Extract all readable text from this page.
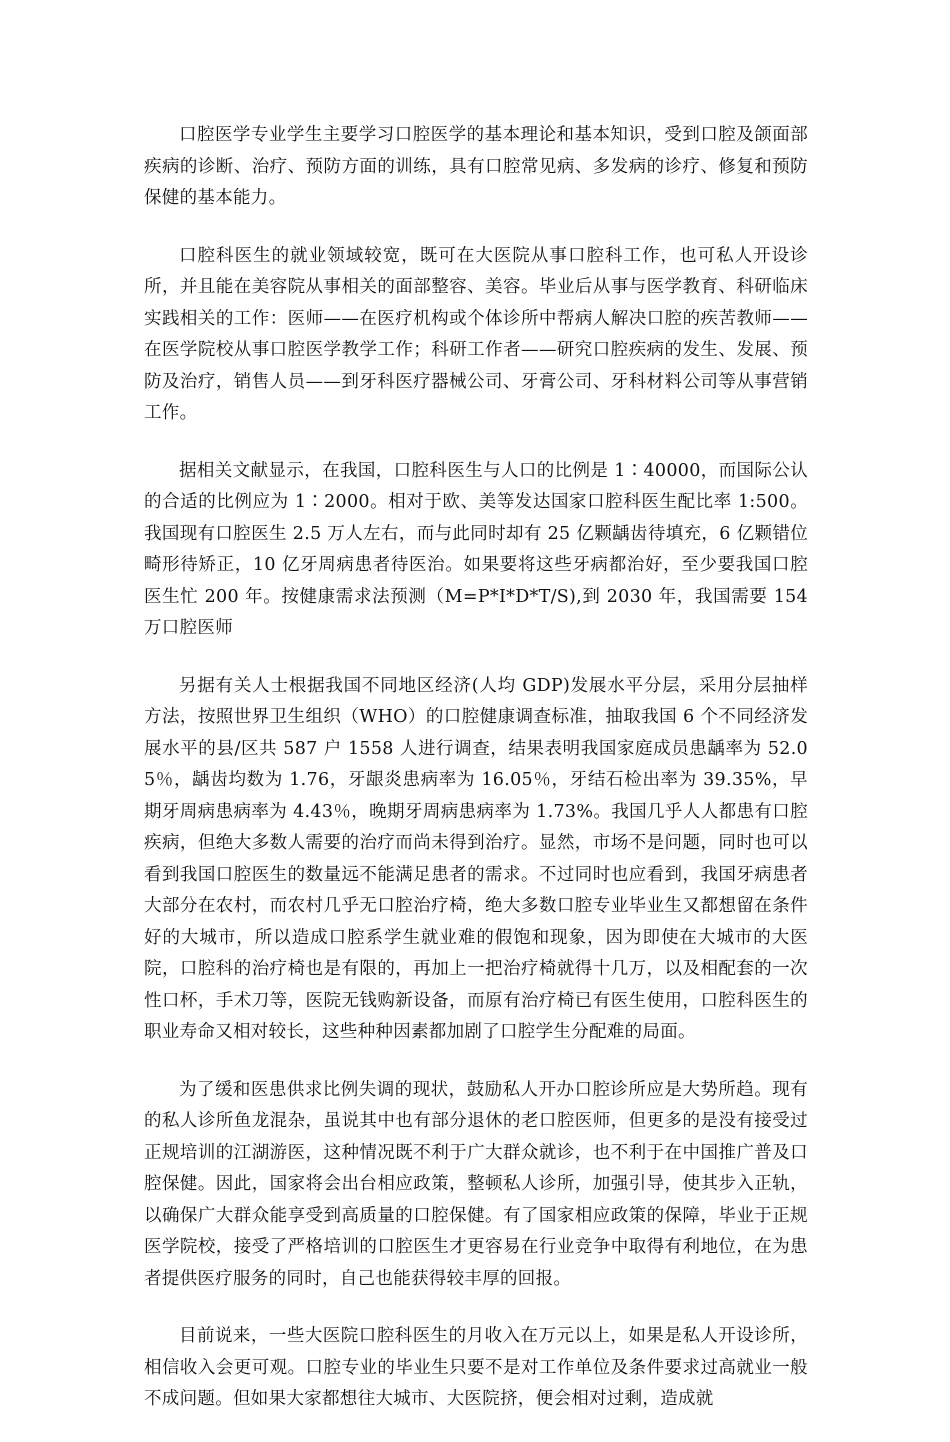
口腔医学专业学生主要学习口腔医学的基本理论和基本知识，受到口腔及颌面部疾病的诊断、治疗、预防方面的训练，具有口腔常见病、多发病的诊疗、修复和预防保健的基本能力。

口腔科医生的就业领域较宽，既可在大医院从事口腔科工作，也可私人开设诊所，并且能在美容院从事相关的面部整容、美容。毕业后从事与医学教育、科研临床实践相关的工作：医师——在医疗机构或个体诊所中帮病人解决口腔的疾苦教师——在医学院校从事口腔医学教学工作；科研工作者——研究口腔疾病的发生、发展、预防及治疗，销售人员——到牙科医疗器械公司、牙膏公司、牙科材料公司等从事营销工作。

据相关文献显示，在我国，口腔科医生与人口的比例是 1∶40000，而国际公认的合适的比例应为 1∶2000。相对于欧、美等发达国家口腔科医生配比率 1:500。我国现有口腔医生 2.5 万人左右，而与此同时却有 25 亿颗龋齿待填充，6 亿颗错位畸形待矫正，10 亿牙周病患者待医治。如果要将这些牙病都治好，至少要我国口腔医生忙 200 年。按健康需求法预测（M=P*I*D*T/S),到 2030 年，我国需要 154 万口腔医师

另据有关人士根据我国不同地区经济(人均 GDP)发展水平分层，采用分层抽样方法，按照世界卫生组织（WHO）的口腔健康调查标准，抽取我国 6 个不同经济发展水平的县/区共 587 户 1558 人进行调查，结果表明我国家庭成员患龋率为 52.05％，龋齿均数为 1.76，牙龈炎患病率为 16.05％，牙结石检出率为 39.35%，早期牙周病患病率为 4.43％，晚期牙周病患病率为 1.73%。我国几乎人人都患有口腔疾病，但绝大多数人需要的治疗而尚未得到治疗。显然，市场不是问题，同时也可以看到我国口腔医生的数量远不能满足患者的需求。不过同时也应看到，我国牙病患者大部分在农村，而农村几乎无口腔治疗椅，绝大多数口腔专业毕业生又都想留在条件好的大城市，所以造成口腔系学生就业难的假饱和现象，因为即使在大城市的大医院，口腔科的治疗椅也是有限的，再加上一把治疗椅就得十几万，以及相配套的一次性口杯，手术刀等，医院无钱购新设备，而原有治疗椅已有医生使用，口腔科医生的职业寿命又相对较长，这些种种因素都加剧了口腔学生分配难的局面。

为了缓和医患供求比例失调的现状，鼓励私人开办口腔诊所应是大势所趋。现有的私人诊所鱼龙混杂，虽说其中也有部分退休的老口腔医师，但更多的是没有接受过正规培训的江湖游医，这种情况既不利于广大群众就诊，也不利于在中国推广普及口腔保健。因此，国家将会出台相应政策，整顿私人诊所，加强引导，使其步入正轨，以确保广大群众能享受到高质量的口腔保健。有了国家相应政策的保障，毕业于正规医学院校，接受了严格培训的口腔医生才更容易在行业竞争中取得有利地位，在为患者提供医疗服务的同时，自己也能获得较丰厚的回报。

目前说来，一些大医院口腔科医生的月收入在万元以上，如果是私人开设诊所，相信收入会更可观。口腔专业的毕业生只要不是对工作单位及条件要求过高就业一般不成问题。但如果大家都想往大城市、大医院挤，便会相对过剩，造成就
